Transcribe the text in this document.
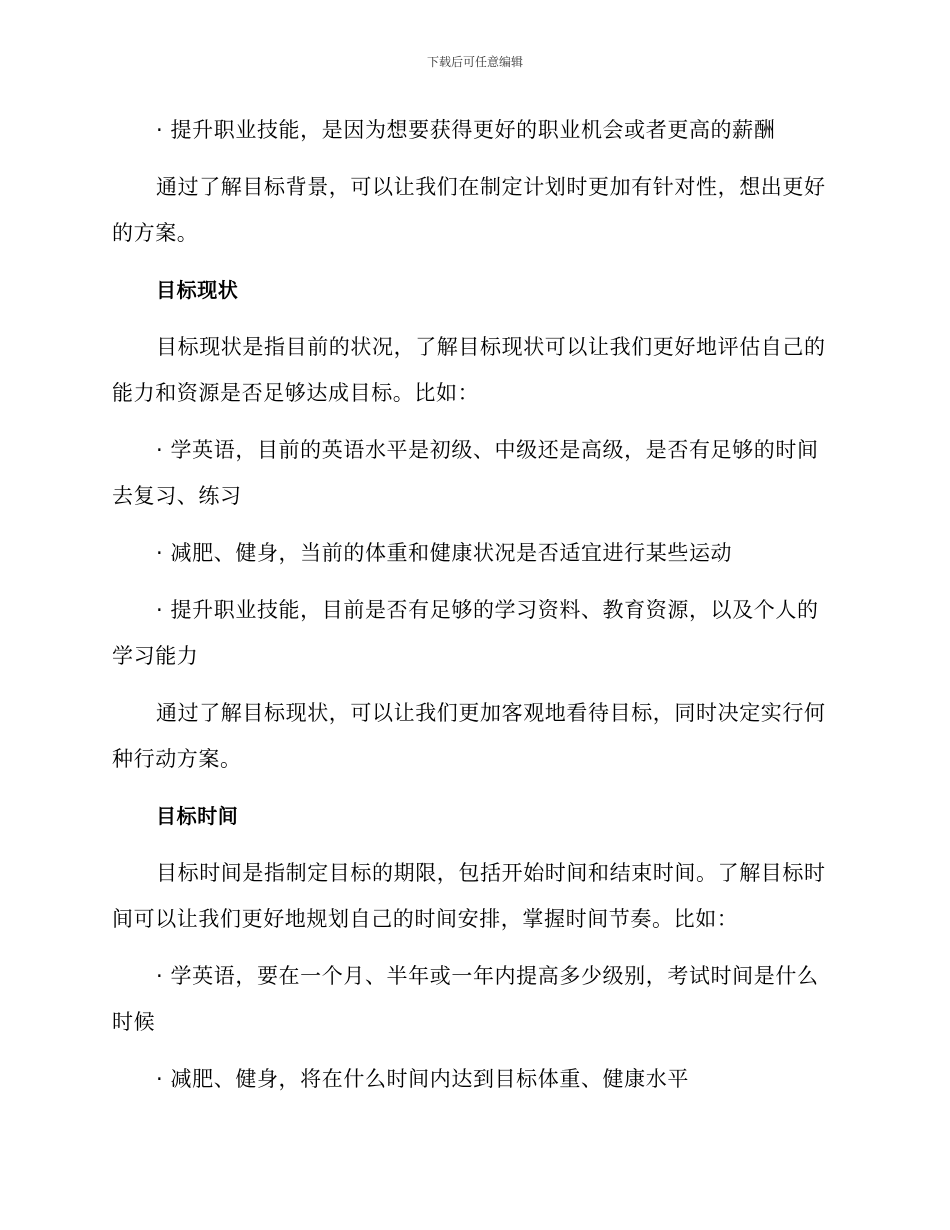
下载后可任意编辑

· 提升职业技能，是因为想要获得更好的职业机会或者更高的薪酬

通过了解目标背景，可以让我们在制定计划时更加有针对性，想出更好的方案。

目标现状

目标现状是指目前的状况，了解目标现状可以让我们更好地评估自己的能力和资源是否足够达成目标。比如：

· 学英语，目前的英语水平是初级、中级还是高级，是否有足够的时间去复习、练习

· 减肥、健身，当前的体重和健康状况是否适宜进行某些运动

· 提升职业技能，目前是否有足够的学习资料、教育资源，以及个人的学习能力

通过了解目标现状，可以让我们更加客观地看待目标，同时决定实行何种行动方案。

目标时间

目标时间是指制定目标的期限，包括开始时间和结束时间。了解目标时间可以让我们更好地规划自己的时间安排，掌握时间节奏。比如：

· 学英语，要在一个月、半年或一年内提高多少级别，考试时间是什么时候

· 减肥、健身，将在什么时间内达到目标体重、健康水平
